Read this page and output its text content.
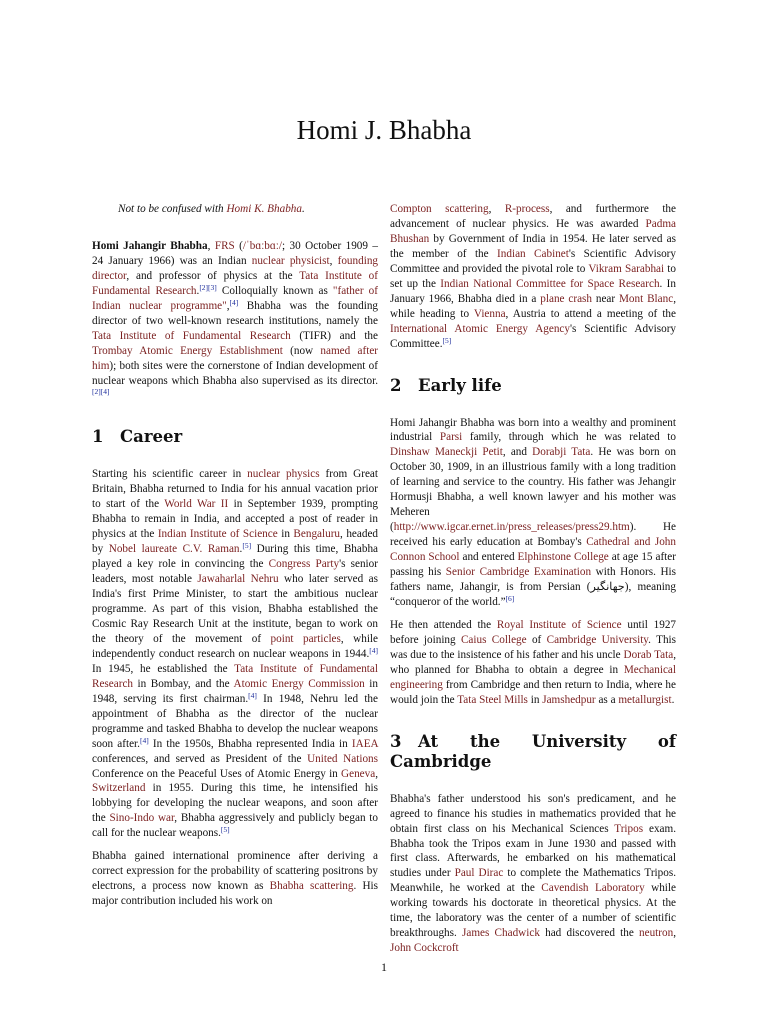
Homi J. Bhabha

Not to be confused with Homi K. Bhabha.

Homi Jahangir Bhabha, FRS (/ˈbɑːbɑː/; 30 October 1909 – 24 January 1966) was an Indian nuclear physicist, founding director, and professor of physics at the Tata Institute of Fundamental Research.[2][3] Colloquially known as "father of Indian nuclear programme",[4] Bhabha was the founding director of two well-known research institutions, namely the Tata Institute of Fundamental Research (TIFR) and the Trombay Atomic Energy Establishment (now named after him); both sites were the cornerstone of Indian development of nuclear weapons which Bhabha also supervised as its director.[2][4]

1 Career

Starting his scientific career in nuclear physics from Great Britain, Bhabha returned to India for his annual vacation prior to start of the World War II in September 1939, prompting Bhabha to remain in India, and accepted a post of reader in physics at the Indian Institute of Science in Bengaluru, headed by Nobel laureate C.V. Raman.[5] During this time, Bhabha played a key role in convincing the Congress Party's senior leaders, most notable Jawaharlal Nehru who later served as India's first Prime Minister, to start the ambitious nuclear programme. As part of this vision, Bhabha established the Cosmic Ray Research Unit at the institute, began to work on the theory of the movement of point particles, while independently conduct research on nuclear weapons in 1944.[4] In 1945, he established the Tata Institute of Fundamental Research in Bombay, and the Atomic Energy Commission in 1948, serving its first chairman.[4] In 1948, Nehru led the appointment of Bhabha as the director of the nuclear programme and tasked Bhabha to develop the nuclear weapons soon after.[4] In the 1950s, Bhabha represented India in IAEA conferences, and served as President of the United Nations Conference on the Peaceful Uses of Atomic Energy in Geneva, Switzerland in 1955. During this time, he intensified his lobbying for developing the nuclear weapons, and soon after the Sino-Indo war, Bhabha aggressively and publicly began to call for the nuclear weapons.[5]

Bhabha gained international prominence after deriving a correct expression for the probability of scattering positrons by electrons, a process now known as Bhabha scattering. His major contribution included his work on

Compton scattering, R-process, and furthermore the advancement of nuclear physics. He was awarded Padma Bhushan by Government of India in 1954. He later served as the member of the Indian Cabinet's Scientific Advisory Committee and provided the pivotal role to Vikram Sarabhai to set up the Indian National Committee for Space Research. In January 1966, Bhabha died in a plane crash near Mont Blanc, while heading to Vienna, Austria to attend a meeting of the International Atomic Energy Agency's Scientific Advisory Committee.[5]

2 Early life

Homi Jahangir Bhabha was born into a wealthy and prominent industrial Parsi family, through which he was related to Dinshaw Maneckji Petit, and Dorabji Tata. He was born on October 30, 1909, in an illustrious family with a long tradition of learning and service to the country. His father was Jehangir Hormusji Bhabha, a well known lawyer and his mother was Meheren (http://www.igcar.ernet.in/press_releases/press29.htm). He received his early education at Bombay's Cathedral and John Connon School and entered Elphinstone College at age 15 after passing his Senior Cambridge Examination with Honors. His fathers name, Jahangir, is from Persian (جهانگیر), meaning “conqueror of the world.”[6]

He then attended the Royal Institute of Science until 1927 before joining Caius College of Cambridge University. This was due to the insistence of his father and his uncle Dorab Tata, who planned for Bhabha to obtain a degree in Mechanical engineering from Cambridge and then return to India, where he would join the Tata Steel Mills in Jamshedpur as a metallurgist.

3 At the University of Cambridge

Bhabha's father understood his son's predicament, and he agreed to finance his studies in mathematics provided that he obtain first class on his Mechanical Sciences Tripos exam. Bhabha took the Tripos exam in June 1930 and passed with first class. Afterwards, he embarked on his mathematical studies under Paul Dirac to complete the Mathematics Tripos. Meanwhile, he worked at the Cavendish Laboratory while working towards his doctorate in theoretical physics. At the time, the laboratory was the center of a number of scientific breakthroughs. James Chadwick had discovered the neutron, John Cockcroft

1
